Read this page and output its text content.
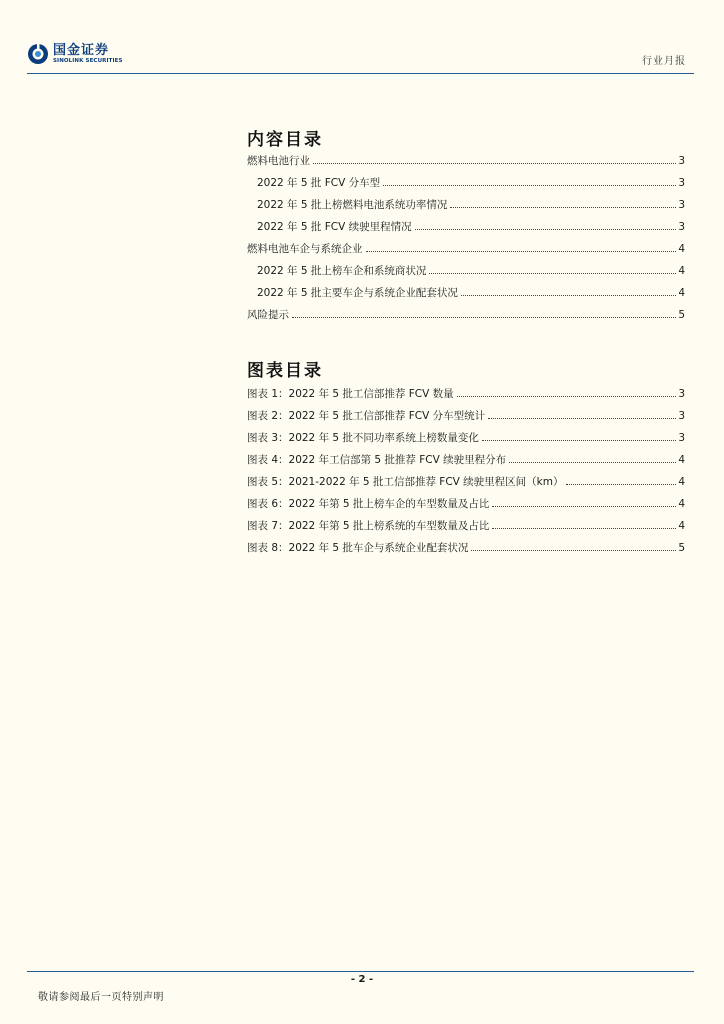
国金证券
SINOLINK SECURITIES	行业月报
内容目录
燃料电池行业	3
2022 年 5 批 FCV 分车型	3
2022 年 5 批上榜燃料电池系统功率情况	3
2022 年 5 批 FCV 续驶里程情况	3
燃料电池车企与系统企业	4
2022 年 5 批上榜车企和系统商状况	4
2022 年 5 批主要车企与系统企业配套状况	4
风险提示	5
图表目录
图表 1：2022 年 5 批工信部推荐 FCV 数量	3
图表 2：2022 年 5 批工信部推荐 FCV 分车型统计	3
图表 3：2022 年 5 批不同功率系统上榜数量变化	3
图表 4：2022 年工信部第 5 批推荐 FCV 续驶里程分布	4
图表 5：2021-2022 年 5 批工信部推荐 FCV 续驶里程区间（km）	4
图表 6：2022 年第 5 批上榜车企的车型数量及占比	4
图表 7：2022 年第 5 批上榜系统的车型数量及占比	4
图表 8：2022 年 5 批车企与系统企业配套状况	5
- 2 -
敬请参阅最后一页特别声明
